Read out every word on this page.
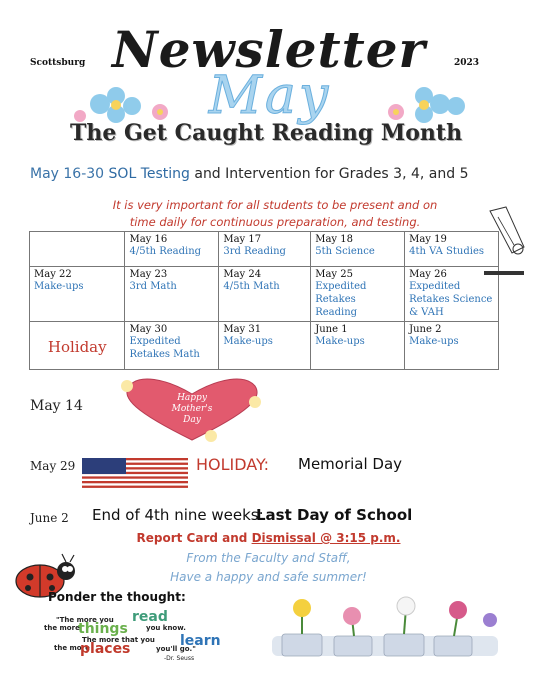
Scottsburg Newsletter	2023
May
The Get Caught Reading Month
May 16-30 SOL Testing and Intervention for Grades 3, 4, and 5
It is very important for all students to be present and on
time daily for continuous preparation, and testing.

	May 16
4/5th Reading	May 17
3rd Reading	May 18
5th Science	May 19
4th VA Studies

May 22
Make-ups	May 23
3rd Math	May 24
4/5th Math	May 25
Expedited Retakes Reading	May 26
Expedited Retakes Science & VAH

Holiday	May 30
Expedited Retakes Math	May 31
Make-ups	June 1
Make-ups	June 2
Make-ups
May 14	Happy
Mother's
Day
May 29	HOLIDAY: Memorial Day
June 2 End of 4th nine weeks:
Last Day of School
Report Card and Dismissal @ 3:15 p.m.
From the Faculty and Staff,
Have a happy and safe summer!
Ponder the thought:
"The more you read
the more
things	you know.
The more that you learn
the more
places	you'll go."
-Dr. Seuss
